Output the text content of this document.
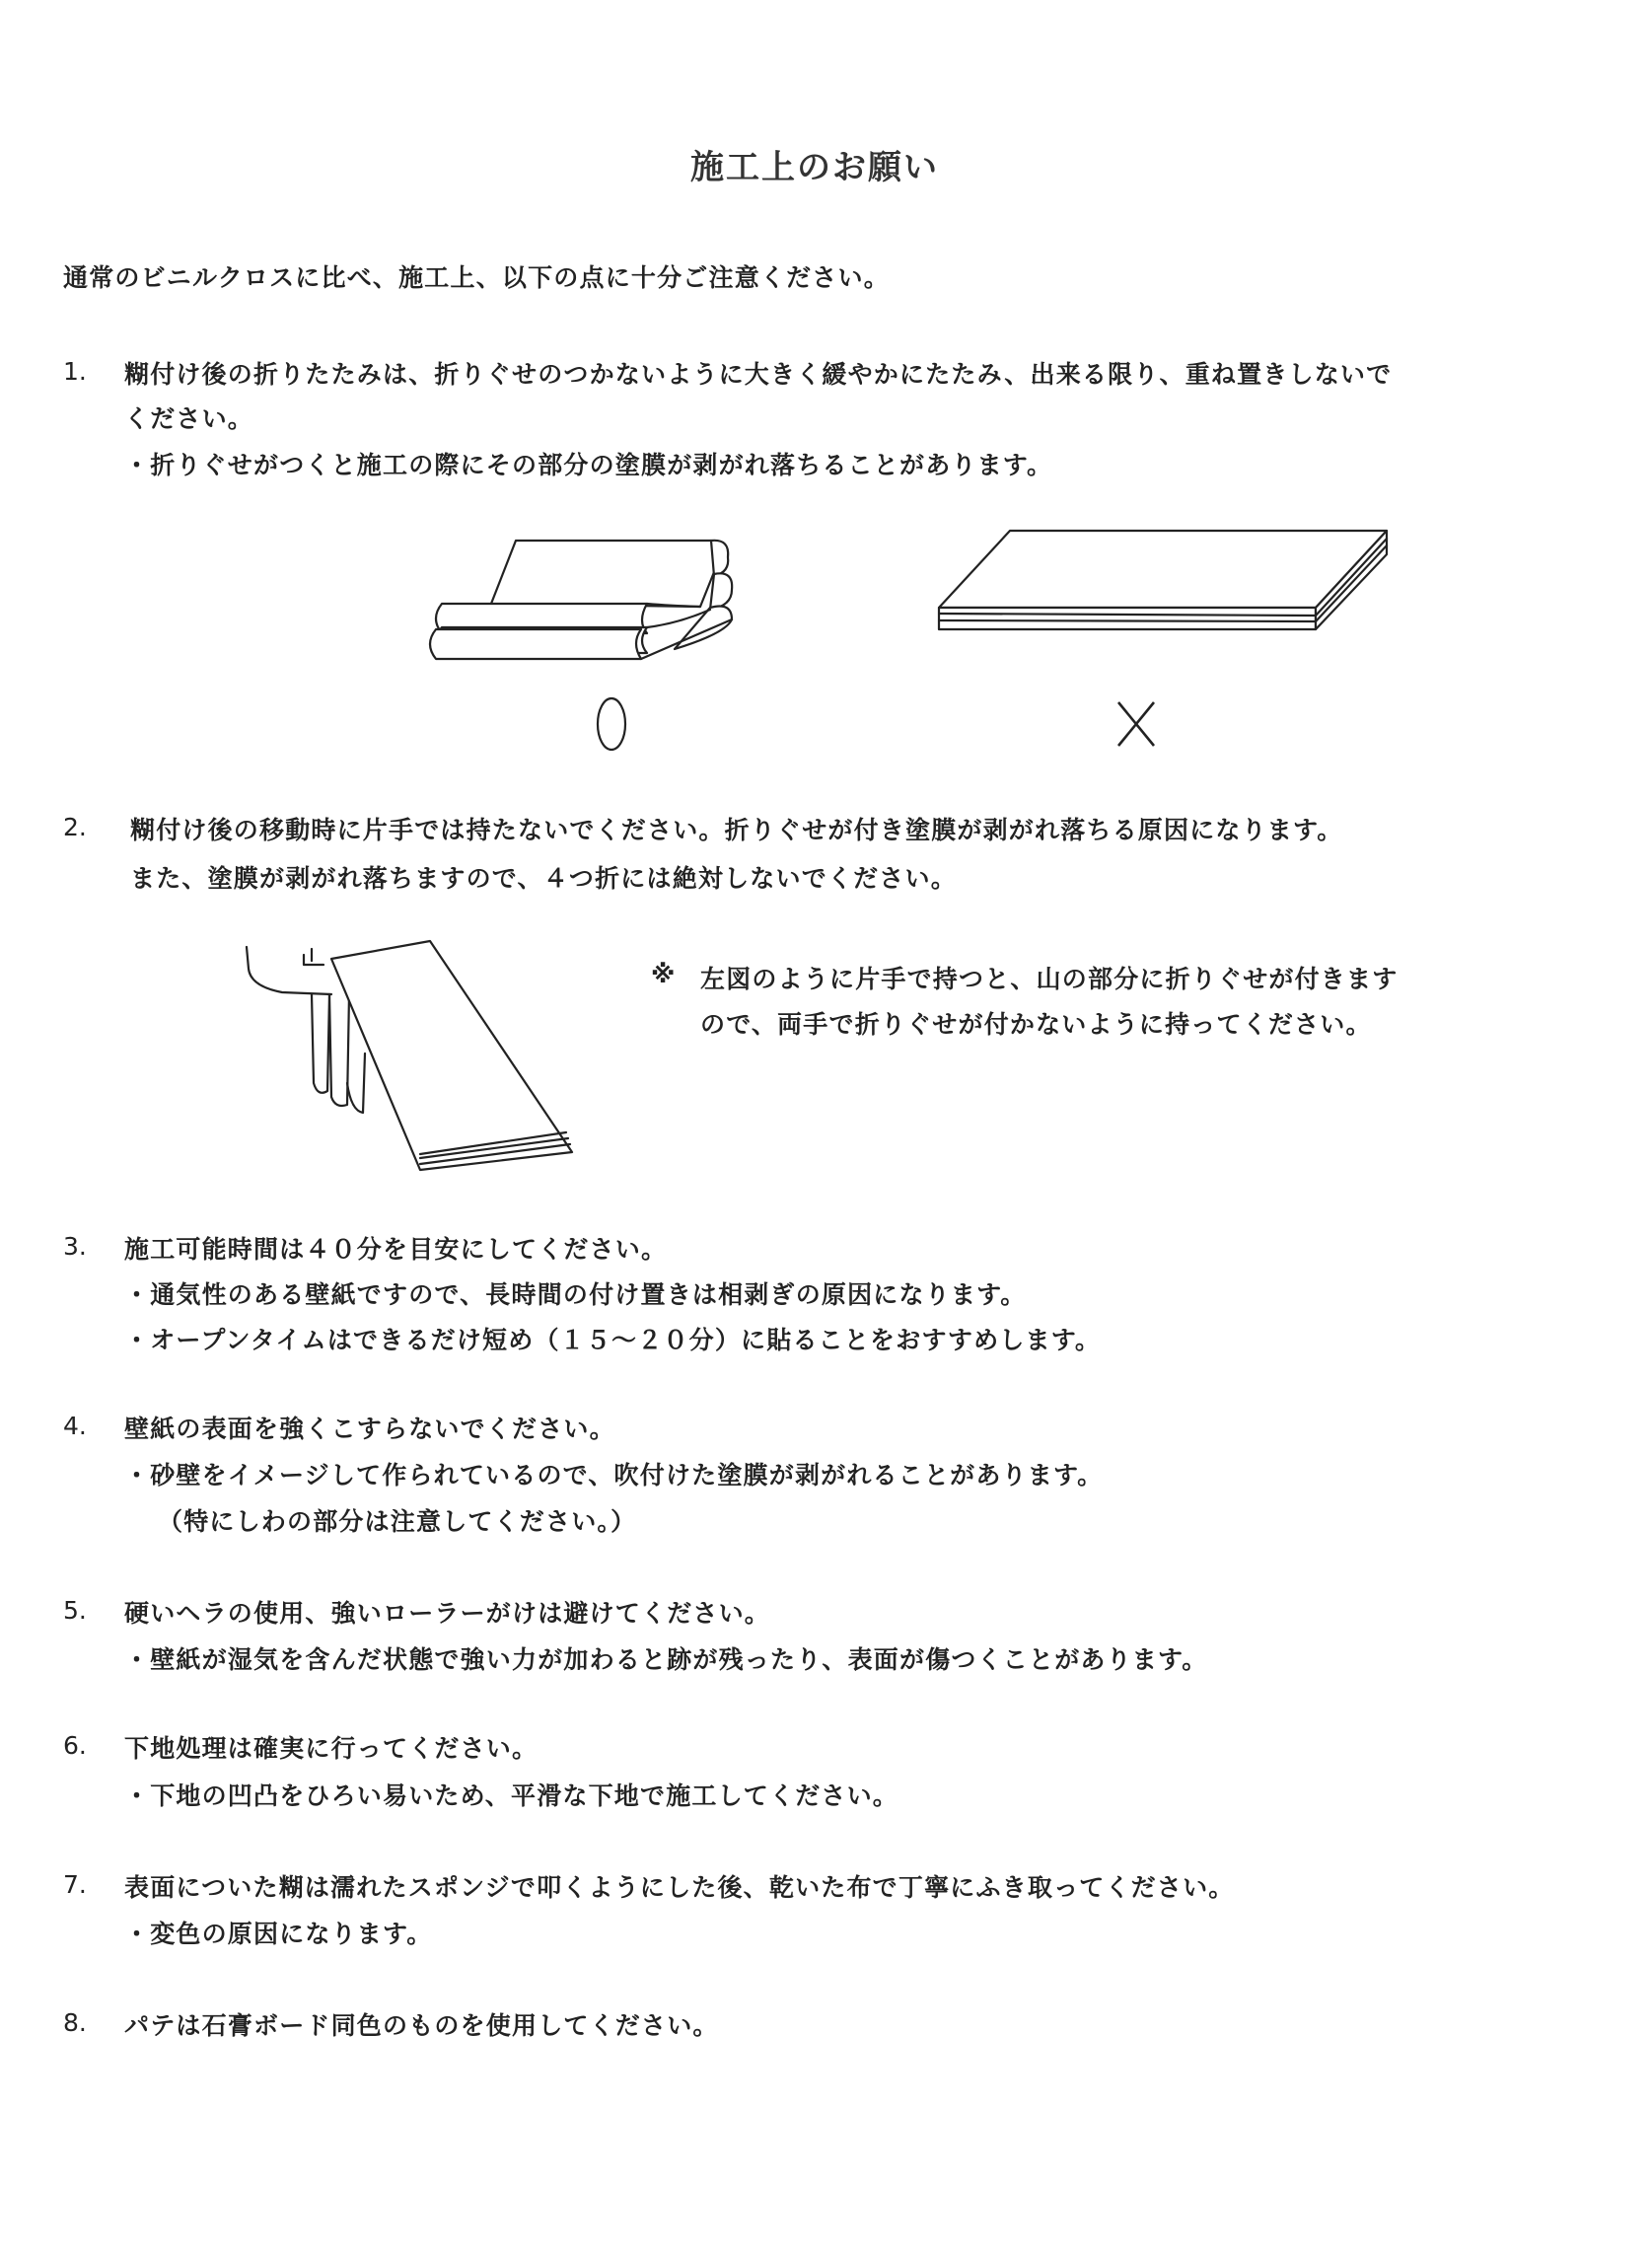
施工上のお願い
通常のビニルクロスに比べ、施工上、以下の点に十分ご注意ください。
1. 糊付け後の折りたたみは、折りぐせのつかないように大きく緩やかにたたみ、出来る限り、重ね置きしないで
ください。
・折りぐせがつくと施工の際にその部分の塗膜が剥がれ落ちることがあります。
2. 糊付け後の移動時に片手では持たないでください。折りぐせが付き塗膜が剥がれ落ちる原因になります。
また、塗膜が剥がれ落ちますので、４つ折には絶対しないでください。
※ 左図のように片手で持つと、山の部分に折りぐせが付きます
ので、両手で折りぐせが付かないように持ってください。
3. 施工可能時間は４０分を目安にしてください。
・通気性のある壁紙ですので、長時間の付け置きは相剥ぎの原因になります。
・オープンタイムはできるだけ短め（１５～２０分）に貼ることをおすすめします。
4. 壁紙の表面を強くこすらないでください。
・砂壁をイメージして作られているので、吹付けた塗膜が剥がれることがあります。
（特にしわの部分は注意してください。）
5. 硬いヘラの使用、強いローラーがけは避けてください。
・壁紙が湿気を含んだ状態で強い力が加わると跡が残ったり、表面が傷つくことがあります。
6. 下地処理は確実に行ってください。
・下地の凹凸をひろい易いため、平滑な下地で施工してください。
7. 表面についた糊は濡れたスポンジで叩くようにした後、乾いた布で丁寧にふき取ってください。
・変色の原因になります。
8. パテは石膏ボード同色のものを使用してください。
